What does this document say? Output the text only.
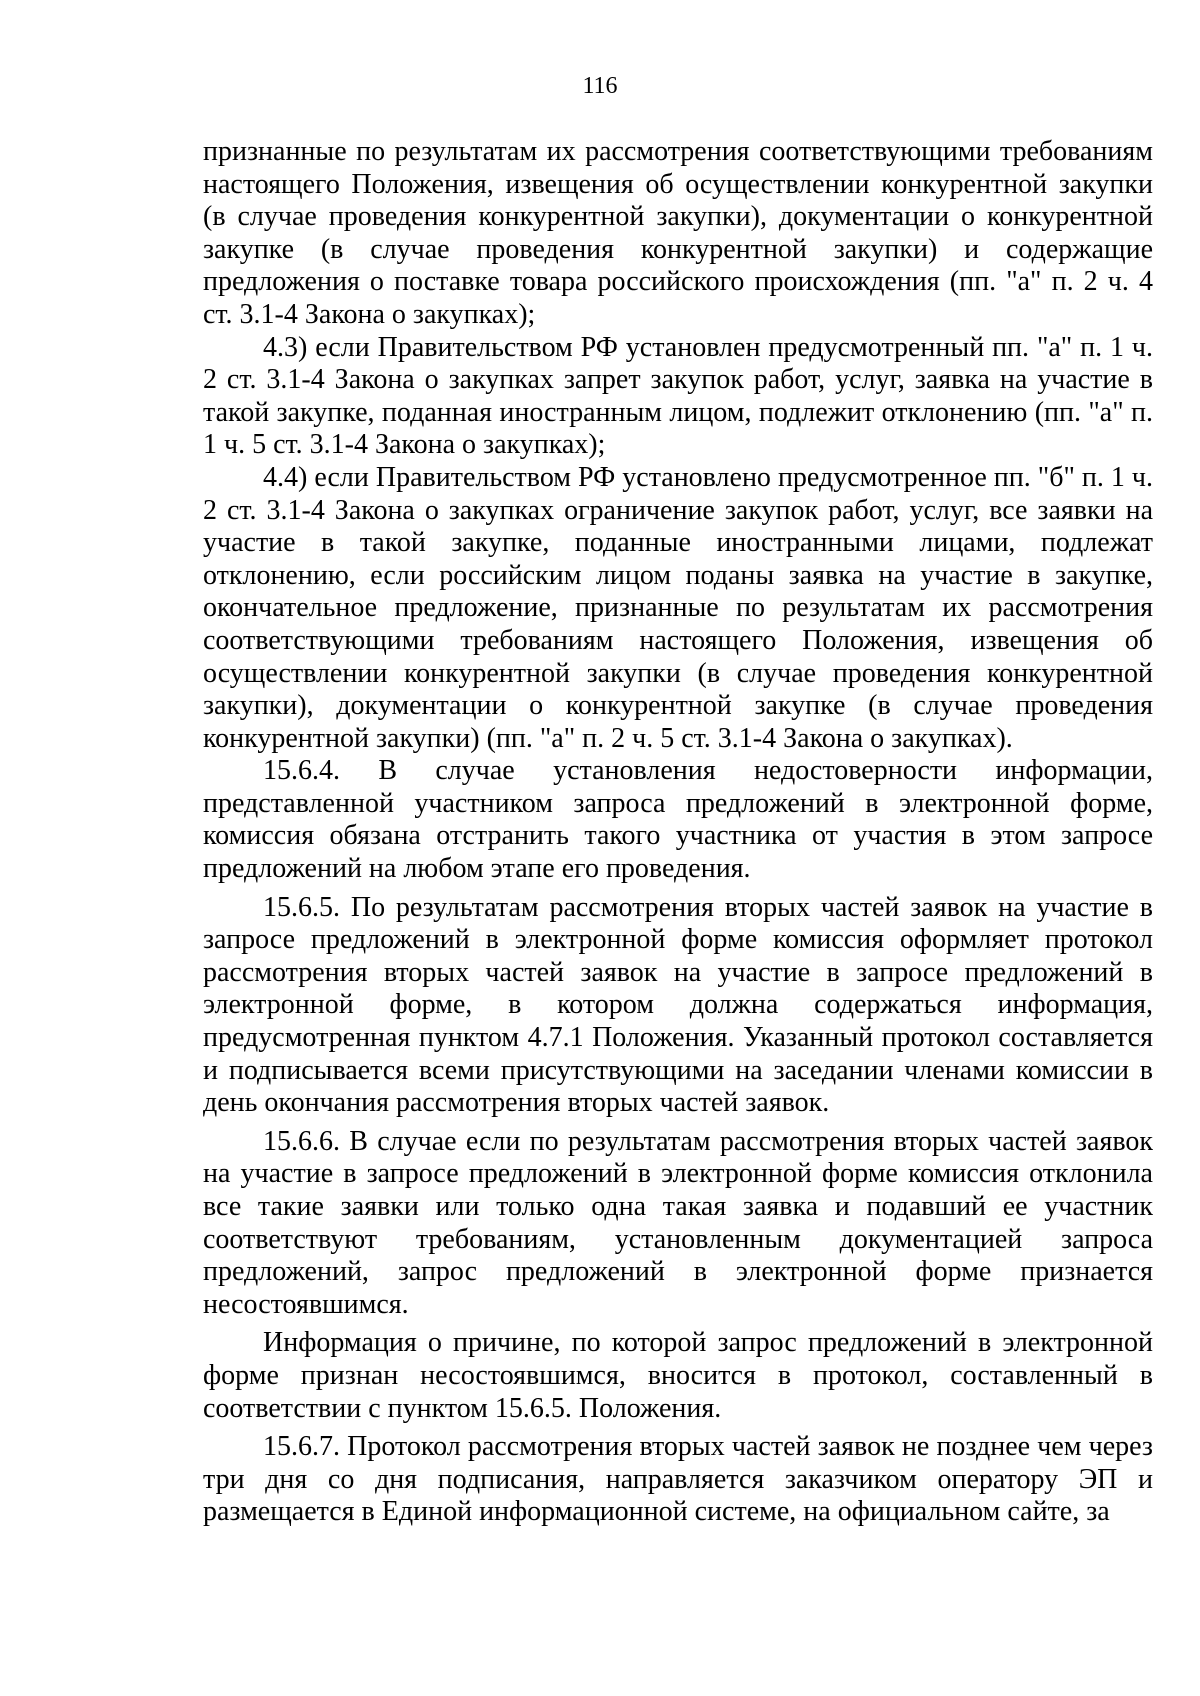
116

признанные по результатам их рассмотрения соответствующими требованиям настоящего Положения, извещения об осуществлении конкурентной закупки (в случае проведения конкурентной закупки), документации о конкурентной закупке (в случае проведения конкурентной закупки) и содержащие предложения о поставке товара российского происхождения (пп. "а" п. 2 ч. 4 ст. 3.1-4 Закона о закупках);

4.3) если Правительством РФ установлен предусмотренный пп. "а" п. 1 ч. 2 ст. 3.1-4 Закона о закупках запрет закупок работ, услуг, заявка на участие в такой закупке, поданная иностранным лицом, подлежит отклонению (пп. "а" п. 1 ч. 5 ст. 3.1-4 Закона о закупках);

4.4) если Правительством РФ установлено предусмотренное пп. "б" п. 1 ч. 2 ст. 3.1-4 Закона о закупках ограничение закупок работ, услуг, все заявки на участие в такой закупке, поданные иностранными лицами, подлежат отклонению, если российским лицом поданы заявка на участие в закупке, окончательное предложение, признанные по результатам их рассмотрения соответствующими требованиям настоящего Положения, извещения об осуществлении конкурентной закупки (в случае проведения конкурентной закупки), документации о конкурентной закупке (в случае проведения конкурентной закупки) (пп. "а" п. 2 ч. 5 ст. 3.1-4 Закона о закупках).

15.6.4. В случае установления недостоверности информации, представленной участником запроса предложений в электронной форме, комиссия обязана отстранить такого участника от участия в этом запросе предложений на любом этапе его проведения.

15.6.5. По результатам рассмотрения вторых частей заявок на участие в запросе предложений в электронной форме комиссия оформляет протокол рассмотрения вторых частей заявок на участие в запросе предложений в электронной форме, в котором должна содержаться информация, предусмотренная пунктом 4.7.1 Положения. Указанный протокол составляется и подписывается всеми присутствующими на заседании членами комиссии в день окончания рассмотрения вторых частей заявок.

15.6.6. В случае если по результатам рассмотрения вторых частей заявок на участие в запросе предложений в электронной форме комиссия отклонила все такие заявки или только одна такая заявка и подавший ее участник соответствуют требованиям, установленным документацией запроса предложений, запрос предложений в электронной форме признается несостоявшимся.

Информация о причине, по которой запрос предложений в электронной форме признан несостоявшимся, вносится в протокол, составленный в соответствии с пунктом 15.6.5. Положения.

15.6.7. Протокол рассмотрения вторых частей заявок не позднее чем через три дня со дня подписания, направляется заказчиком оператору ЭП и размещается в Единой информационной системе, на официальном сайте, за
